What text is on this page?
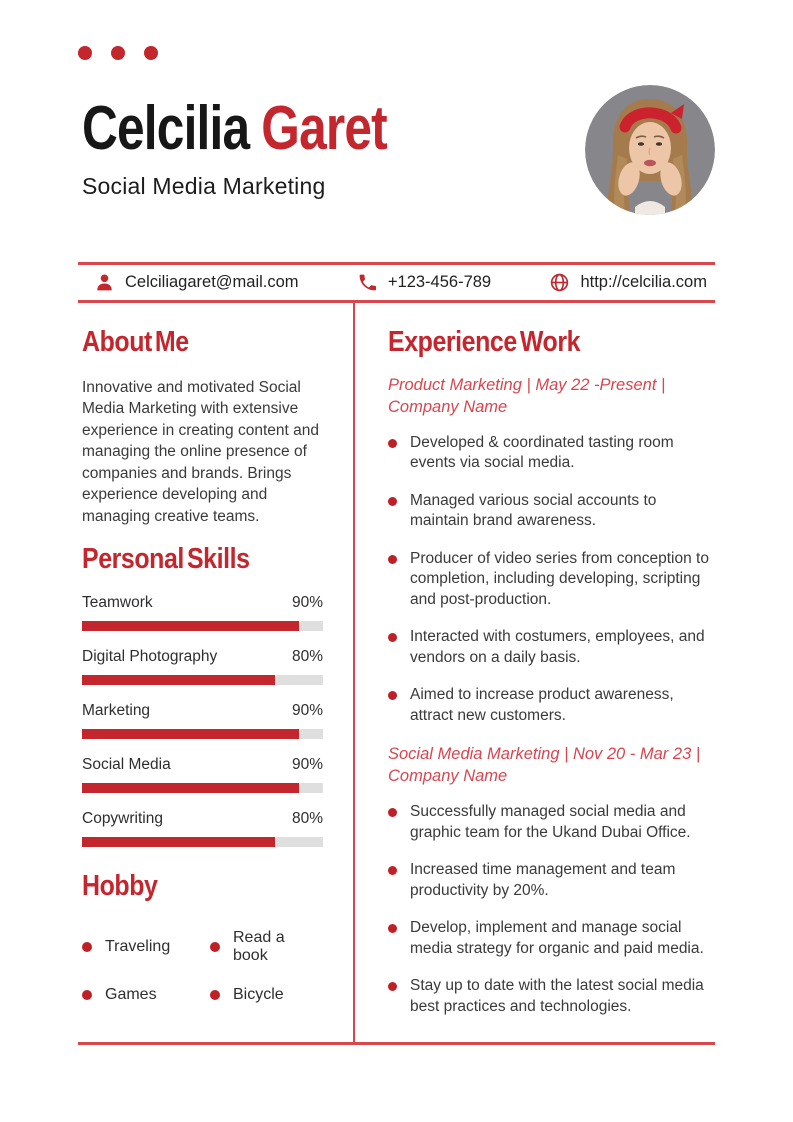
Celcilia Garet
Social Media Marketing
Celciliagaret@mail.com	+123-456-789	http://celcilia.com
About Me

Innovative and motivated Social Media Marketing with extensive experience in creating content and managing the online presence of companies and brands. Brings experience developing and managing creative teams.

Personal Skills
Teamwork	90%
Digital Photography	80%
Marketing	90%
Social Media	90%
Copywriting	80%
Hobby
Traveling
Read a book
Games	Bicycle
Experience Work
Product Marketing | May 22 -Present | Company Name
Developed & coordinated tasting room events via social media.
Managed various social accounts to maintain brand awareness.
Producer of video series from conception to completion, including developing, scripting and post-production.
Interacted with costumers, employees, and vendors on a daily basis.
Aimed to increase product awareness, attract new customers.
Social Media Marketing | Nov 20 - Mar 23 | Company Name
Successfully managed social media and graphic team for the Ukand Dubai Office.
Increased time management and team productivity by 20%.
Develop, implement and manage social media strategy for organic and paid media.
Stay up to date with the latest social media best practices and technologies.
